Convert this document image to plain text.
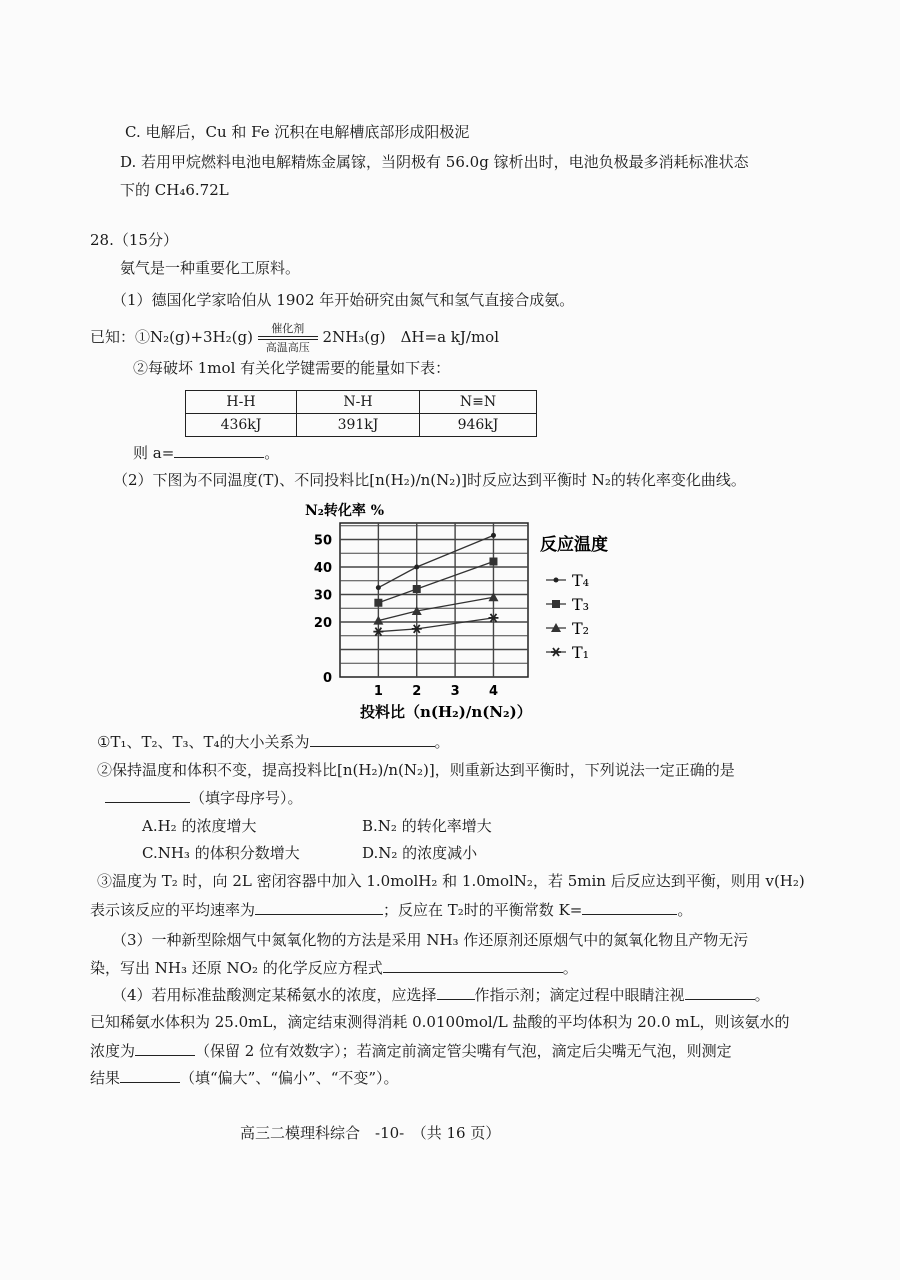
C. 电解后，Cu 和 Fe 沉积在电解槽底部形成阳极泥
D. 若用甲烷燃料电池电解精炼金属镓，当阴极有 56.0g 镓析出时，电池负极最多消耗标准状态
下的 CH₄6.72L
28.（15分）
氨气是一种重要化工原料。
（1）德国化学家哈伯从 1902 年开始研究由氮气和氢气直接合成氨。
已知：①N₂(g)+3H₂(g)	催化剂
高温高压
2NH₃(g)　ΔH=a kJ/mol
②每破坏 1mol 有关化学键需要的能量如下表：
H-H	N-H	N≡N
436kJ	391kJ	946kJ
则 a=	。
（2）下图为不同温度(T)、不同投料比[n(H₂)/n(N₂)]时反应达到平衡时 N₂的转化率变化曲线。
0
20
30
40
50
1 2 3 4
N₂转化率 %
投料比（n(H₂)/n(N₂)）
反应温度
T₄
T₃
T₂
T₁
①T₁、T₂、T₃、T₄的大小关系为	。
②保持温度和体积不变，提高投料比[n(H₂)/n(N₂)]，则重新达到平衡时，下列说法一定正确的是
（填字母序号）。
A.H₂ 的浓度增大	B.N₂ 的转化率增大
C.NH₃ 的体积分数增大	D.N₂ 的浓度减小
③温度为 T₂ 时，向 2L 密闭容器中加入 1.0molH₂ 和 1.0molN₂，若 5min 后反应达到平衡，则用 v(H₂)
表示该反应的平均速率为	；反应在 T₂时的平衡常数 K=	。
（3）一种新型除烟气中氮氧化物的方法是采用 NH₃ 作还原剂还原烟气中的氮氧化物且产物无污
染，写出 NH₃ 还原 NO₂ 的化学反应方程式	。
（4）若用标准盐酸测定某稀氨水的浓度，应选择	作指示剂；滴定过程中眼睛注视	。
已知稀氨水体积为 25.0mL，滴定结束测得消耗 0.0100mol/L 盐酸的平均体积为 20.0 mL，则该氨水的
浓度为	（保留 2 位有效数字）；若滴定前滴定管尖嘴有气泡，滴定后尖嘴无气泡，则测定
结果	（填“偏大”、“偏小”、“不变”）。
高三二模理科综合　-10-　（共 16 页）
